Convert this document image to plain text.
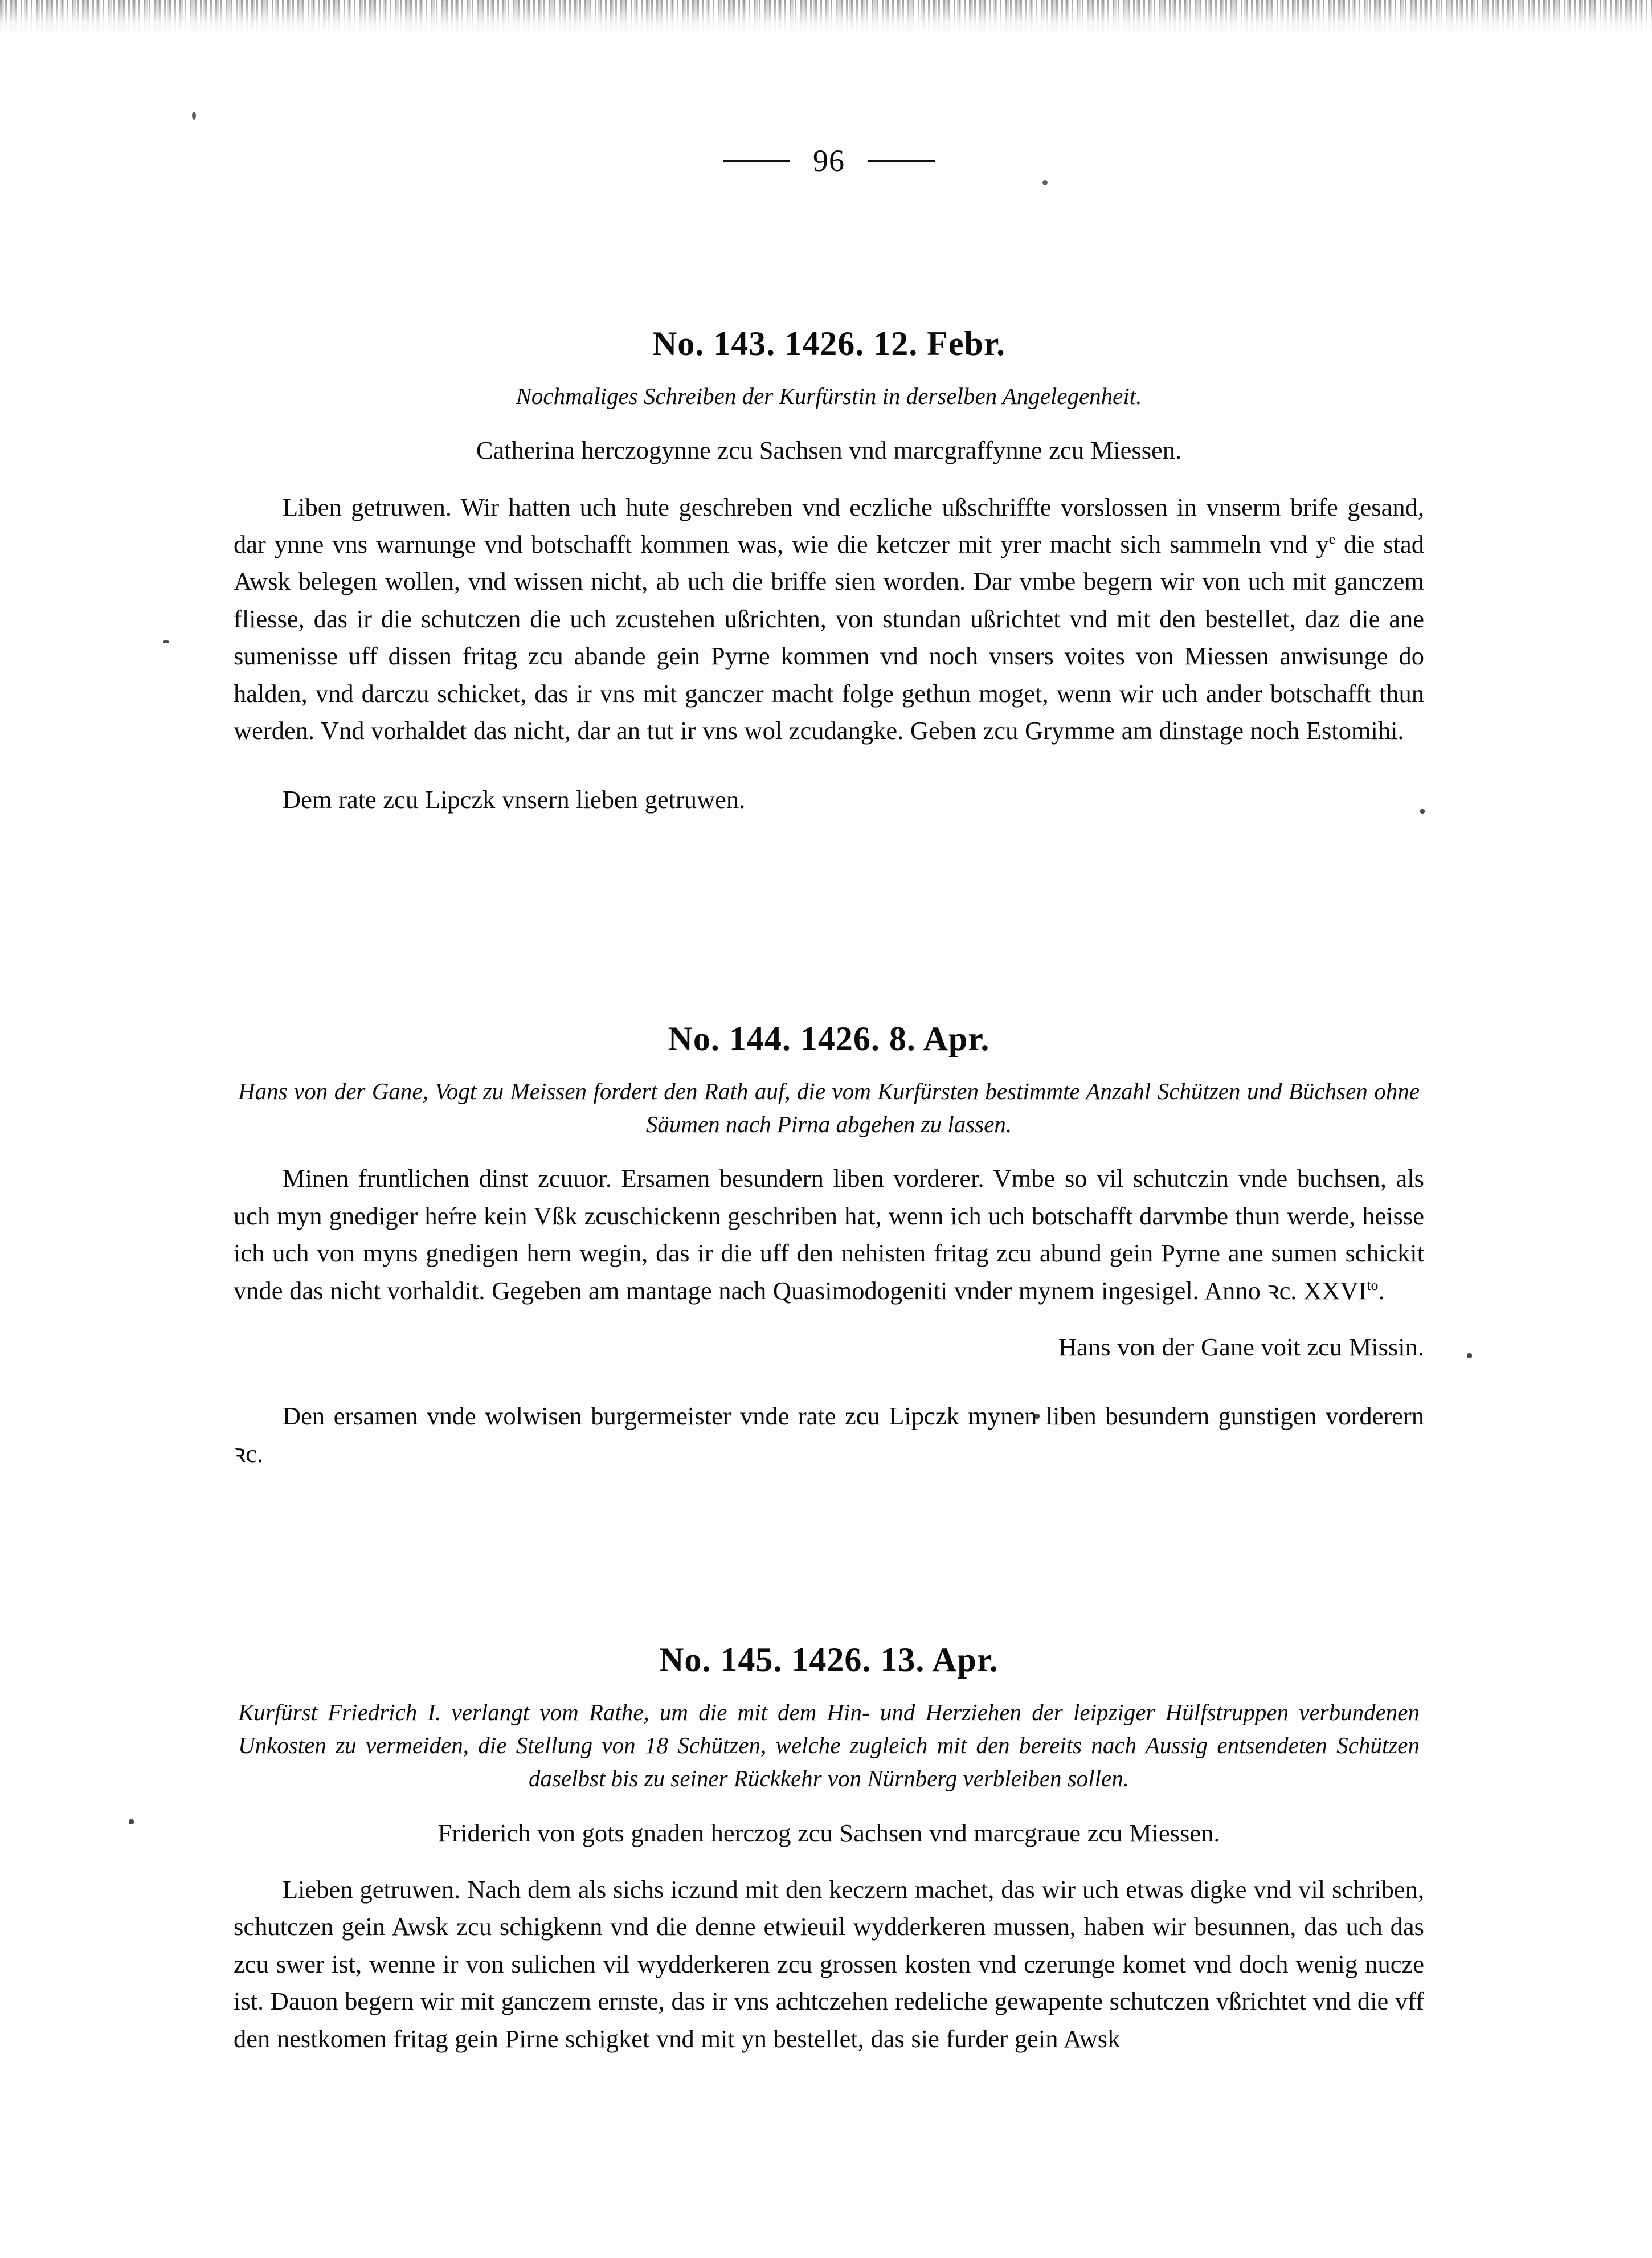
96
No. 143. 1426. 12. Febr.

Nochmaliges Schreiben der Kurfürstin in derselben Angelegenheit.

Catherina herczogynne zcu Sachsen vnd marcgraffynne zcu Miessen.

Liben getruwen. Wir hatten uch hute geschreben vnd eczliche ußschriffte vorslossen in vnserm brife gesand, dar ynne vns warnunge vnd botschafft kommen was, wie die ketczer mit yrer macht sich sammeln vnd $y^e$ die stad Awsk belegen wollen, vnd wissen nicht, ab uch die briffe sien worden. Dar vmbe begern wir von uch mit ganczem fliesse, das ir die schutczen die uch zcustehen ußrichten, von stundan ußrichtet vnd mit den bestellet, daz die ane sumenisse uff dissen fritag zcu abande gein Pyrne kommen vnd noch vnsers voites von Miessen anwisunge do halden, vnd darczu schicket, das ir vns mit ganczer macht folge gethun moget, wenn wir uch ander botschafft thun werden. Vnd vorhaldet das nicht, dar an tut ir vns wol zcudangke. Geben zcu Grymme am dinstage noch Estomihi.

Dem rate zcu Lipczk vnsern lieben getruwen.

No. 144. 1426. 8. Apr.

Hans von der Gane, Vogt zu Meissen fordert den Rath auf, die vom Kurfürsten bestimmte Anzahl Schützen und Büchsen ohne Säumen nach Pirna abgehen zu lassen.

Minen fruntlichen dinst zcuuor. Ersamen besundern liben vorderer. Vmbe so vil schutczin vnde buchsen, als uch myn gnediger heŕre kein Vßk zcuschickenn geschriben hat, wenn ich uch botschafft darvmbe thun werde, heisse ich uch von myns gnedigen hern wegin, das ir die uff den nehisten fritag zcu abund gein Pyrne ane sumen schickit vnde das nicht vorhaldit. Gegeben am mantage nach Quasimodogeniti vnder mynem ingesigel. Anno ꝛc. $XXVI^{to}$.

Hans von der Gane voit zcu Missin.

Den ersamen vnde wolwisen burgermeister vnde rate zcu Lipczk mynen liben besundern gunstigen vorderern ꝛc.

No. 145. 1426. 13. Apr.

Kurfürst Friedrich I. verlangt vom Rathe, um die mit dem Hin- und Herziehen der leipziger Hülfstruppen verbundenen Unkosten zu vermeiden, die Stellung von 18 Schützen, welche zugleich mit den bereits nach Aussig entsendeten Schützen daselbst bis zu seiner Rückkehr von Nürnberg verbleiben sollen.

Friderich von gots gnaden herczog zcu Sachsen vnd marcgraue zcu Miessen.

Lieben getruwen. Nach dem als sichs iczund mit den keczern machet, das wir uch etwas digke vnd vil schriben, schutczen gein Awsk zcu schigkenn vnd die denne etwieuil wydderkeren mussen, haben wir besunnen, das uch das zcu swer ist, wenne ir von sulichen vil wydderkeren zcu grossen kosten vnd czerunge komet vnd doch wenig nucze ist. Dauon begern wir mit ganczem ernste, das ir vns achtczehen redeliche gewapente schutczen vßrichtet vnd die vff den nestkomen fritag gein Pirne schigket vnd mit yn bestellet, das sie furder gein Awsk
